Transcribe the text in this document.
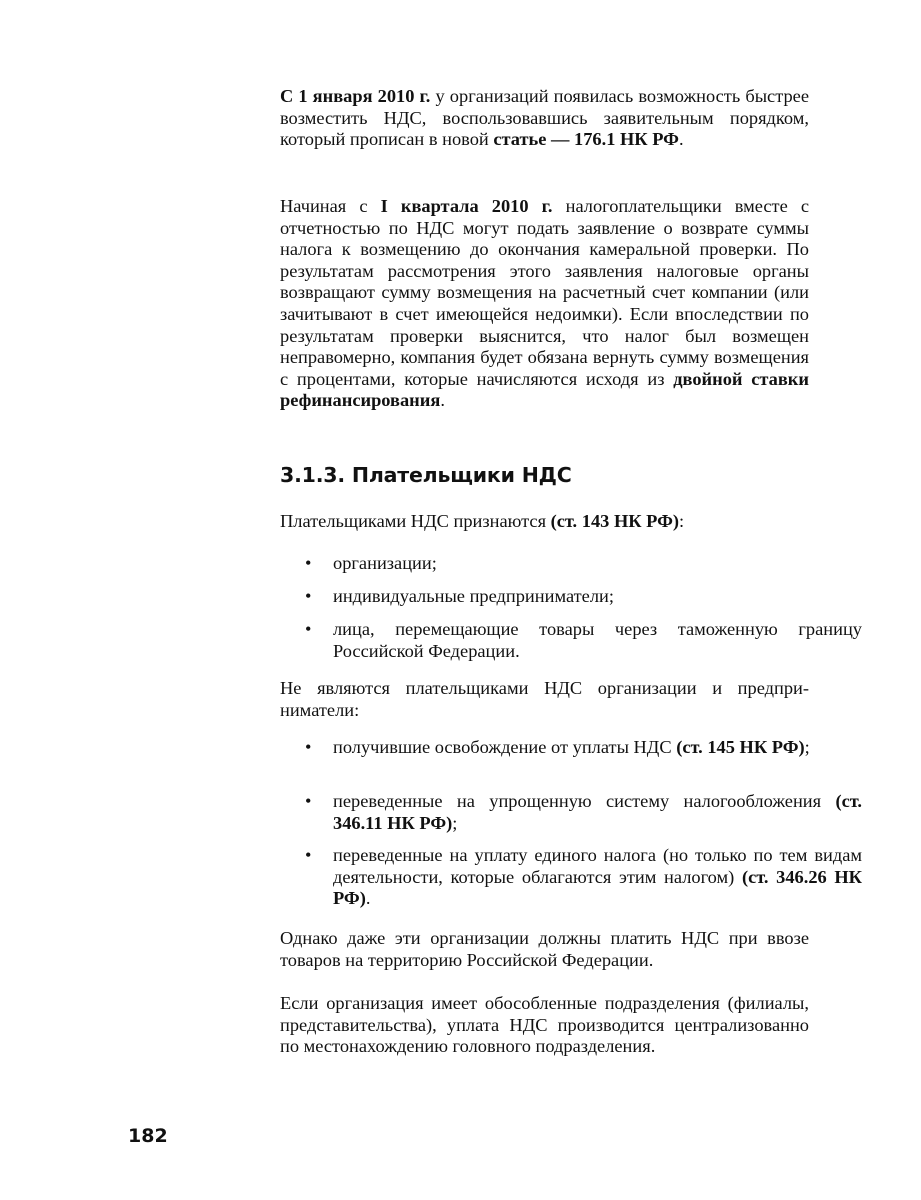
С 1 января 2010 г. у организаций появилась возможность быстрее возместить НДС, воспользовавшись заявительным порядком, который прописан в новой статье — 176.1 НК РФ.

Начиная с I квартала 2010 г. налогоплательщики вместе с отчетностью по НДС могут подать заявление о возврате суммы налога к возмещению до окончания камеральной проверки. По результатам рассмотрения этого заявления налоговые органы возвращают сумму возмещения на расчетный счет компании (или зачитывают в счет имеющейся недоимки). Если впоследствии по результатам проверки выяснится, что налог был возмещен неправомерно, компания будет обязана вернуть сумму возмещения с процентами, которые начисляются исходя из двойной ставки рефинансирования.

3.1.3. Плательщики НДС

Плательщиками НДС признаются (ст. 143 НК РФ):

• организации;

• индивидуальные предприниматели;

• лица, перемещающие товары через таможенную границу Российской Федерации.

Не являются плательщиками НДС организации и предприниматели:

• получившие освобождение от уплаты НДС (ст. 145 НК РФ);

• переведенные на упрощенную систему налогообложения (ст. 346.11 НК РФ);

• переведенные на уплату единого налога (но только по тем видам деятельности, которые облагаются этим налогом) (ст. 346.26 НК РФ).

Однако даже эти организации должны платить НДС при ввозе товаров на территорию Российской Федерации.

Если организация имеет обособленные подразделения (филиалы, представительства), уплата НДС производится централизованно по местонахождению головного подразделения.

182
